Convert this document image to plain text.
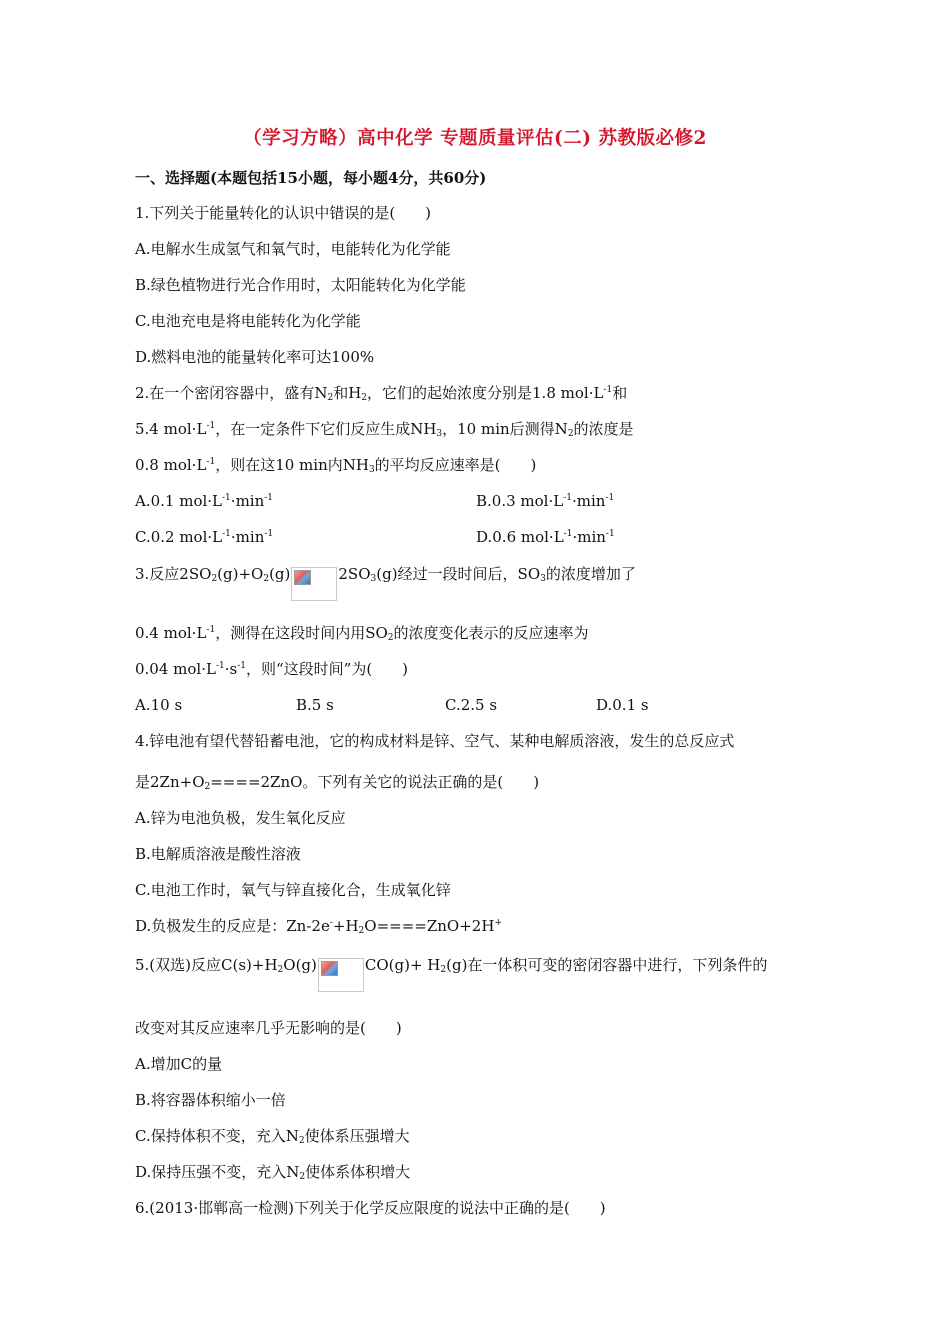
（学习方略）高中化学 专题质量评估(二) 苏教版必修2
一、选择题(本题包括15小题，每小题4分，共60分)
1.下列关于能量转化的认识中错误的是(　　)
A.电解水生成氢气和氧气时，电能转化为化学能
B.绿色植物进行光合作用时，太阳能转化为化学能
C.电池充电是将电能转化为化学能
D.燃料电池的能量转化率可达100%
2.在一个密闭容器中，盛有$N_2$和$H_2$，它们的起始浓度分别是1.8 $mol\cdot L^{-1}$和
5.4 $mol\cdot L^{-1}$，在一定条件下它们反应生成$NH_3$，10 min后测得$N_2$的浓度是
0.8 $mol\cdot L^{-1}$，则在这10 min内$NH_3$的平均反应速率是(　　)
A.0.1 $mol\cdot L^{-1}\cdot\min^{-1}$	B.0.3 $mol\cdot L^{-1}\cdot\min^{-1}$
C.0.2 $mol\cdot L^{-1}\cdot\min^{-1}$	D.0.6 $mol\cdot L^{-1}\cdot\min^{-1}$
3.反应$2SO_2(g)+O_2(g)$	$2SO_3(g)$经过一段时间后，$SO_3$的浓度增加了
0.4 $mol\cdot L^{-1}$，测得在这段时间内用$SO_2$的浓度变化表示的反应速率为
0.04 $mol\cdot L^{-1}\cdot s^{-1}$，则“这段时间”为(　　)
A.10 s	B.5 s	C.2.5 s	D.0.1 s
4.锌电池有望代替铅蓄电池，它的构成材料是锌、空气、某种电解质溶液，发生的总反应式
是$2Zn+O_2====2ZnO$。下列有关它的说法正确的是(　　)
A.锌为电池负极，发生氧化反应
B.电解质溶液是酸性溶液
C.电池工作时，氧气与锌直接化合，生成氧化锌
D.负极发生的反应是：$Zn-2e^-+H_2O====ZnO+2H^+$
5.(双选)反应$C(s)+H_2O(g)$	$CO(g)+ H_2(g)$在一体积可变的密闭容器中进行，下列条件的
改变对其反应速率几乎无影响的是(　　)
A.增加C的量
B.将容器体积缩小一倍
C.保持体积不变，充入$N_2$使体系压强增大
D.保持压强不变，充入$N_2$使体系体积增大
6.(2013·邯郸高一检测)下列关于化学反应限度的说法中正确的是(　　)
